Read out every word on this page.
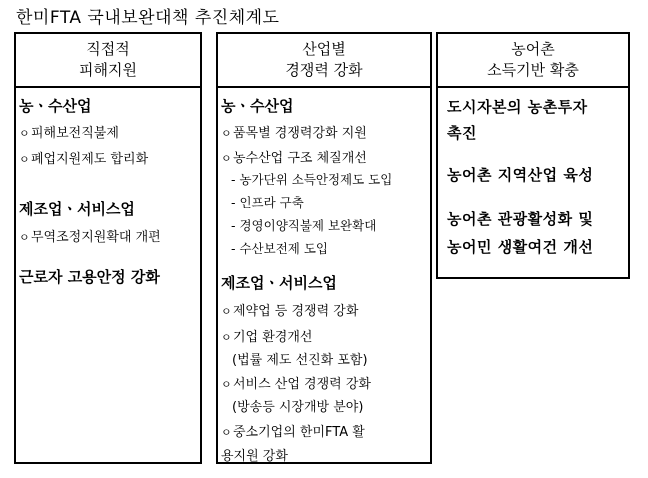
한미FTA 국내보완대책 추진체계도
직접적
피해지원
농ㆍ수산업
ㅇ피해보전직불제
ㅇ폐업지원제도 합리화
제조업ㆍ서비스업
ㅇ무역조정지원확대 개편
근로자 고용안정 강화
산업별
경쟁력 강화
농ㆍ수산업
ㅇ품목별 경쟁력강화 지원
ㅇ농수산업 구조 체질개선
- 농가단위 소득안정제도 도입
- 인프라 구축
- 경영이양직불제 보완확대
- 수산보전제 도입
제조업ㆍ서비스업
ㅇ제약업 등 경쟁력 강화
ㅇ기업 환경개선
(법률 제도 선진화 포함)
ㅇ서비스 산업 경쟁력 강화
(방송등 시장개방 분야)
ㅇ중소기업의 한미FTA 활
용지원 강화
농어촌
소득기반 확충
도시자본의 농촌투자
촉진
농어촌 지역산업 육성
농어촌 관광활성화 및
농어민 생활여건 개선
